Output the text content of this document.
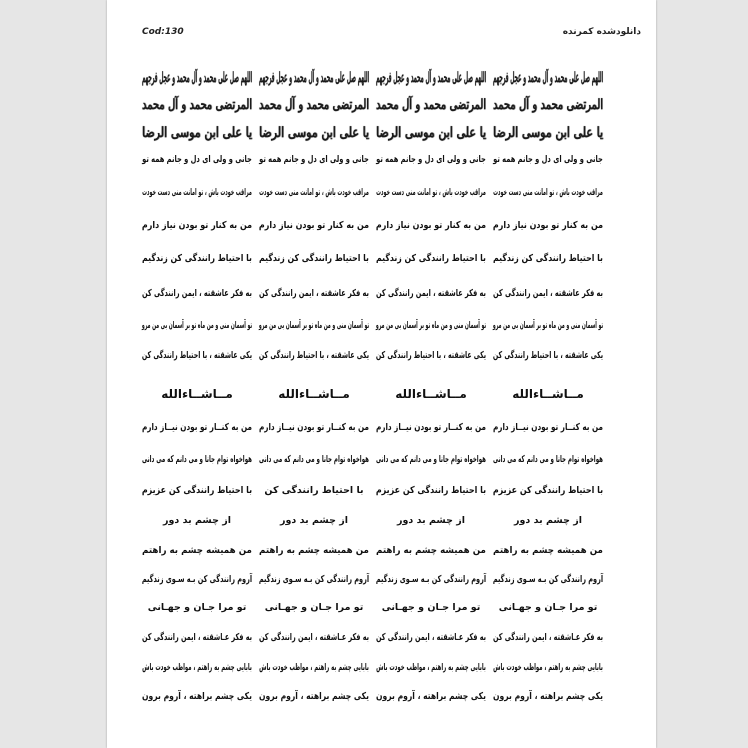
Cod:130	دانلودشده کمرنده
اللهم صل علی محمد و آل محمد و عجل فرجهم
المرتضی محمد و آل محمد
یا علی ابن موسی الرضا
جانی و ولی ای دل و جانم همه تو
مراقب خودت باش ، تو امانت منی دست خودت
من به کنار تو بودن نیاز دارم
با احتیاط رانندگی کن زندگیم
به فکر عاشقته ، ایمن رانندگی کن
تو آسمان منی و من ماه تو بر آسمان بی من مرو
یکی عاشقته ، با احتیاط رانندگی کن
مــاشــاءالله
من به کنــار تو بودن نیــاز دارم
هواخواه توام جانا و می دانم که می دانی
با احتیاط رانندگی کن عزیزم
از چشم بد دور
من همیشه چشم به راهتم
آروم رانندگی کن بـه سـوی زندگیم
تو مرا جـان و جهـانی
به فکر عـاشقته ، ایمن رانندگی کن
بابایی چشم به راهتم ، مواظب خودت باش
یکی چشم براهته ، آروم برون
اللهم صل علی محمد و آل محمد و عجل فرجهم
المرتضی محمد و آل محمد
یا علی ابن موسی الرضا
جانی و ولی ای دل و جانم همه تو
مراقب خودت باش ، تو امانت منی دست خودت
من به کنار تو بودن نیاز دارم
با احتیاط رانندگی کن زندگیم
به فکر عاشقته ، ایمن رانندگی کن
تو آسمان منی و من ماه تو بر آسمان بی من مرو
یکی عاشقته ، با احتیاط رانندگی کن
مــاشــاءالله
من به کنــار تو بودن نیــاز دارم
هواخواه توام جانا و می دانم که می دانی
با احتیاط رانندگی کن عزیزم
از چشم بد دور
من همیشه چشم به راهتم
آروم رانندگی کن بـه سـوی زندگیم
تو مرا جـان و جهـانی
به فکر عـاشقته ، ایمن رانندگی کن
بابایی چشم به راهتم ، مواظب خودت باش
یکی چشم براهته ، آروم برون
اللهم صل علی محمد و آل محمد و عجل فرجهم
المرتضی محمد و آل محمد
یا علی ابن موسی الرضا
جانی و ولی ای دل و جانم همه تو
مراقب خودت باش ، تو امانت منی دست خودت
من به کنار تو بودن نیاز دارم
با احتیاط رانندگی کن زندگیم
به فکر عاشقته ، ایمن رانندگی کن
تو آسمان منی و من ماه تو بر آسمان بی من مرو
یکی عاشقته ، با احتیاط رانندگی کن
مــاشــاءالله
من به کنــار تو بودن نیــاز دارم
هواخواه توام جانا و می دانم که می دانی
با احتیاط رانندگی کن
از چشم بد دور
من همیشه چشم به راهتم
آروم رانندگی کن بـه سـوی زندگیم
تو مرا جـان و جهـانی
به فکر عـاشقته ، ایمن رانندگی کن
بابایی چشم به راهتم ، مواظب خودت باش
یکی چشم براهته ، آروم برون
اللهم صل علی محمد و آل محمد و عجل فرجهم
المرتضی محمد و آل محمد
یا علی ابن موسی الرضا
جانی و ولی ای دل و جانم همه تو
مراقب خودت باش ، تو امانت منی دست خودت
من به کنار تو بودن نیاز دارم
با احتیاط رانندگی کن زندگیم
به فکر عاشقته ، ایمن رانندگی کن
تو آسمان منی و من ماه تو بر آسمان بی من مرو
یکی عاشقته ، با احتیاط رانندگی کن
مــاشــاءالله
من به کنــار تو بودن نیــاز دارم
هواخواه توام جانا و می دانم که می دانی
با احتیاط رانندگی کن عزیزم
از چشم بد دور
من همیشه چشم به راهتم
آروم رانندگی کن بـه سـوی زندگیم
تو مرا جـان و جهـانی
به فکر عـاشقته ، ایمن رانندگی کن
بابایی چشم به راهتم ، مواظب خودت باش
یکی چشم براهته ، آروم برون
